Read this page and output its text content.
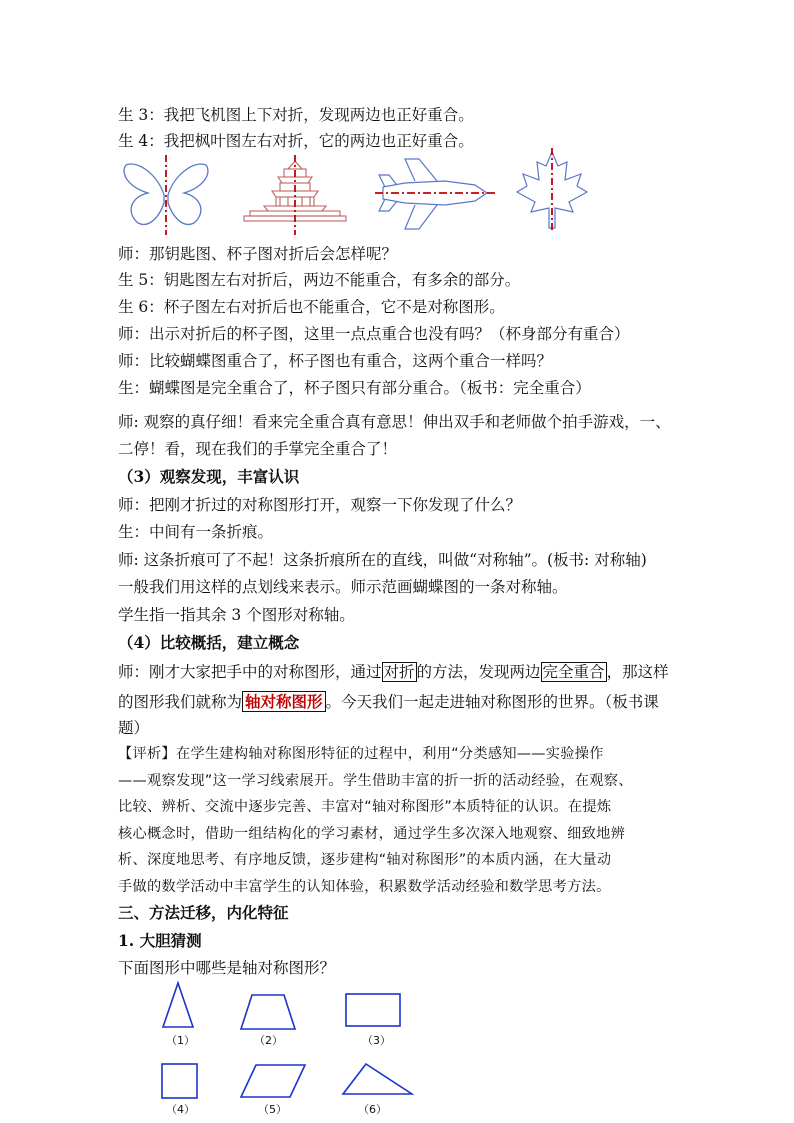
生 3：我把飞机图上下对折，发现两边也正好重合。
生 4：我把枫叶图左右对折，它的两边也正好重合。
师：那钥匙图、杯子图对折后会怎样呢？
生 5：钥匙图左右对折后，两边不能重合，有多余的部分。
生 6：杯子图左右对折后也不能重合，它不是对称图形。
师：出示对折后的杯子图，这里一点点重合也没有吗？（杯身部分有重合）
师：比较蝴蝶图重合了，杯子图也有重合，这两个重合一样吗？
生：蝴蝶图是完全重合了，杯子图只有部分重合。（板书：完全重合）
师: 观察的真仔细！看来完全重合真有意思！伸出双手和老师做个拍手游戏，一、
二停！看，现在我们的手掌完全重合了！
（3）观察发现，丰富认识
师：把刚才折过的对称图形打开，观察一下你发现了什么？
生：中间有一条折痕。
师: 这条折痕可了不起！这条折痕所在的直线，叫做“对称轴”。(板书: 对称轴)
一般我们用这样的点划线来表示。师示范画蝴蝶图的一条对称轴。
学生指一指其余 3 个图形对称轴。
（4）比较概括，建立概念
师：刚才大家把手中的对称图形，通过 对折 的方法，发现两边 完全重合 ，那这样
的图形我们就称为 轴对称图形 。今天我们一起走进轴对称图形的世界。（板书课
题）

【评析】在学生建构轴对称图形特征的过程中，利用“分类感知——实验操作

——观察发现”这一学习线索展开。学生借助丰富的折一折的活动经验，在观察、

比较、辨析、交流中逐步完善、丰富对“轴对称图形”本质特征的认识。在提炼

核心概念时，借助一组结构化的学习素材，通过学生多次深入地观察、细致地辨

析、深度地思考、有序地反馈，逐步建构“轴对称图形”的本质内涵，在大量动

手做的数学活动中丰富学生的认知体验，积累数学活动经验和数学思考方法。

三、方法迁移，内化特征
1. 大胆猜测
下面图形中哪些是轴对称图形？
（1）	（2）	（3）
（4）	（5）	（6）
